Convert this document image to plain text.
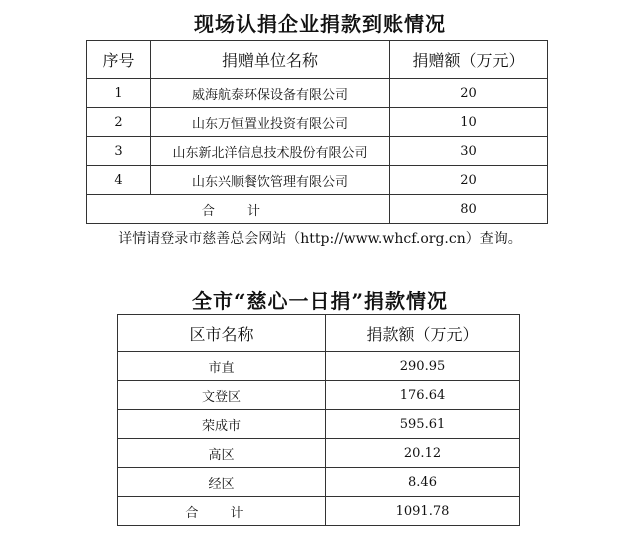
现场认捐企业捐款到账情况
序号	捐赠单位名称	捐赠额（万元）
1	威海航泰环保设备有限公司	20
2	山东万恒置业投资有限公司	10
3	山东新北洋信息技术股份有限公司	30
4	山东兴顺餐饮管理有限公司	20
合 计		80
详情请登录市慈善总会网站（http://www.whcf.org.cn）查询。
全市“慈心一日捐”捐款情况
区市名称	捐款额（万元）
市直	290.95
文登区	176.64
荣成市	595.61
高区	20.12
经区	8.46
合 计	1091.78
